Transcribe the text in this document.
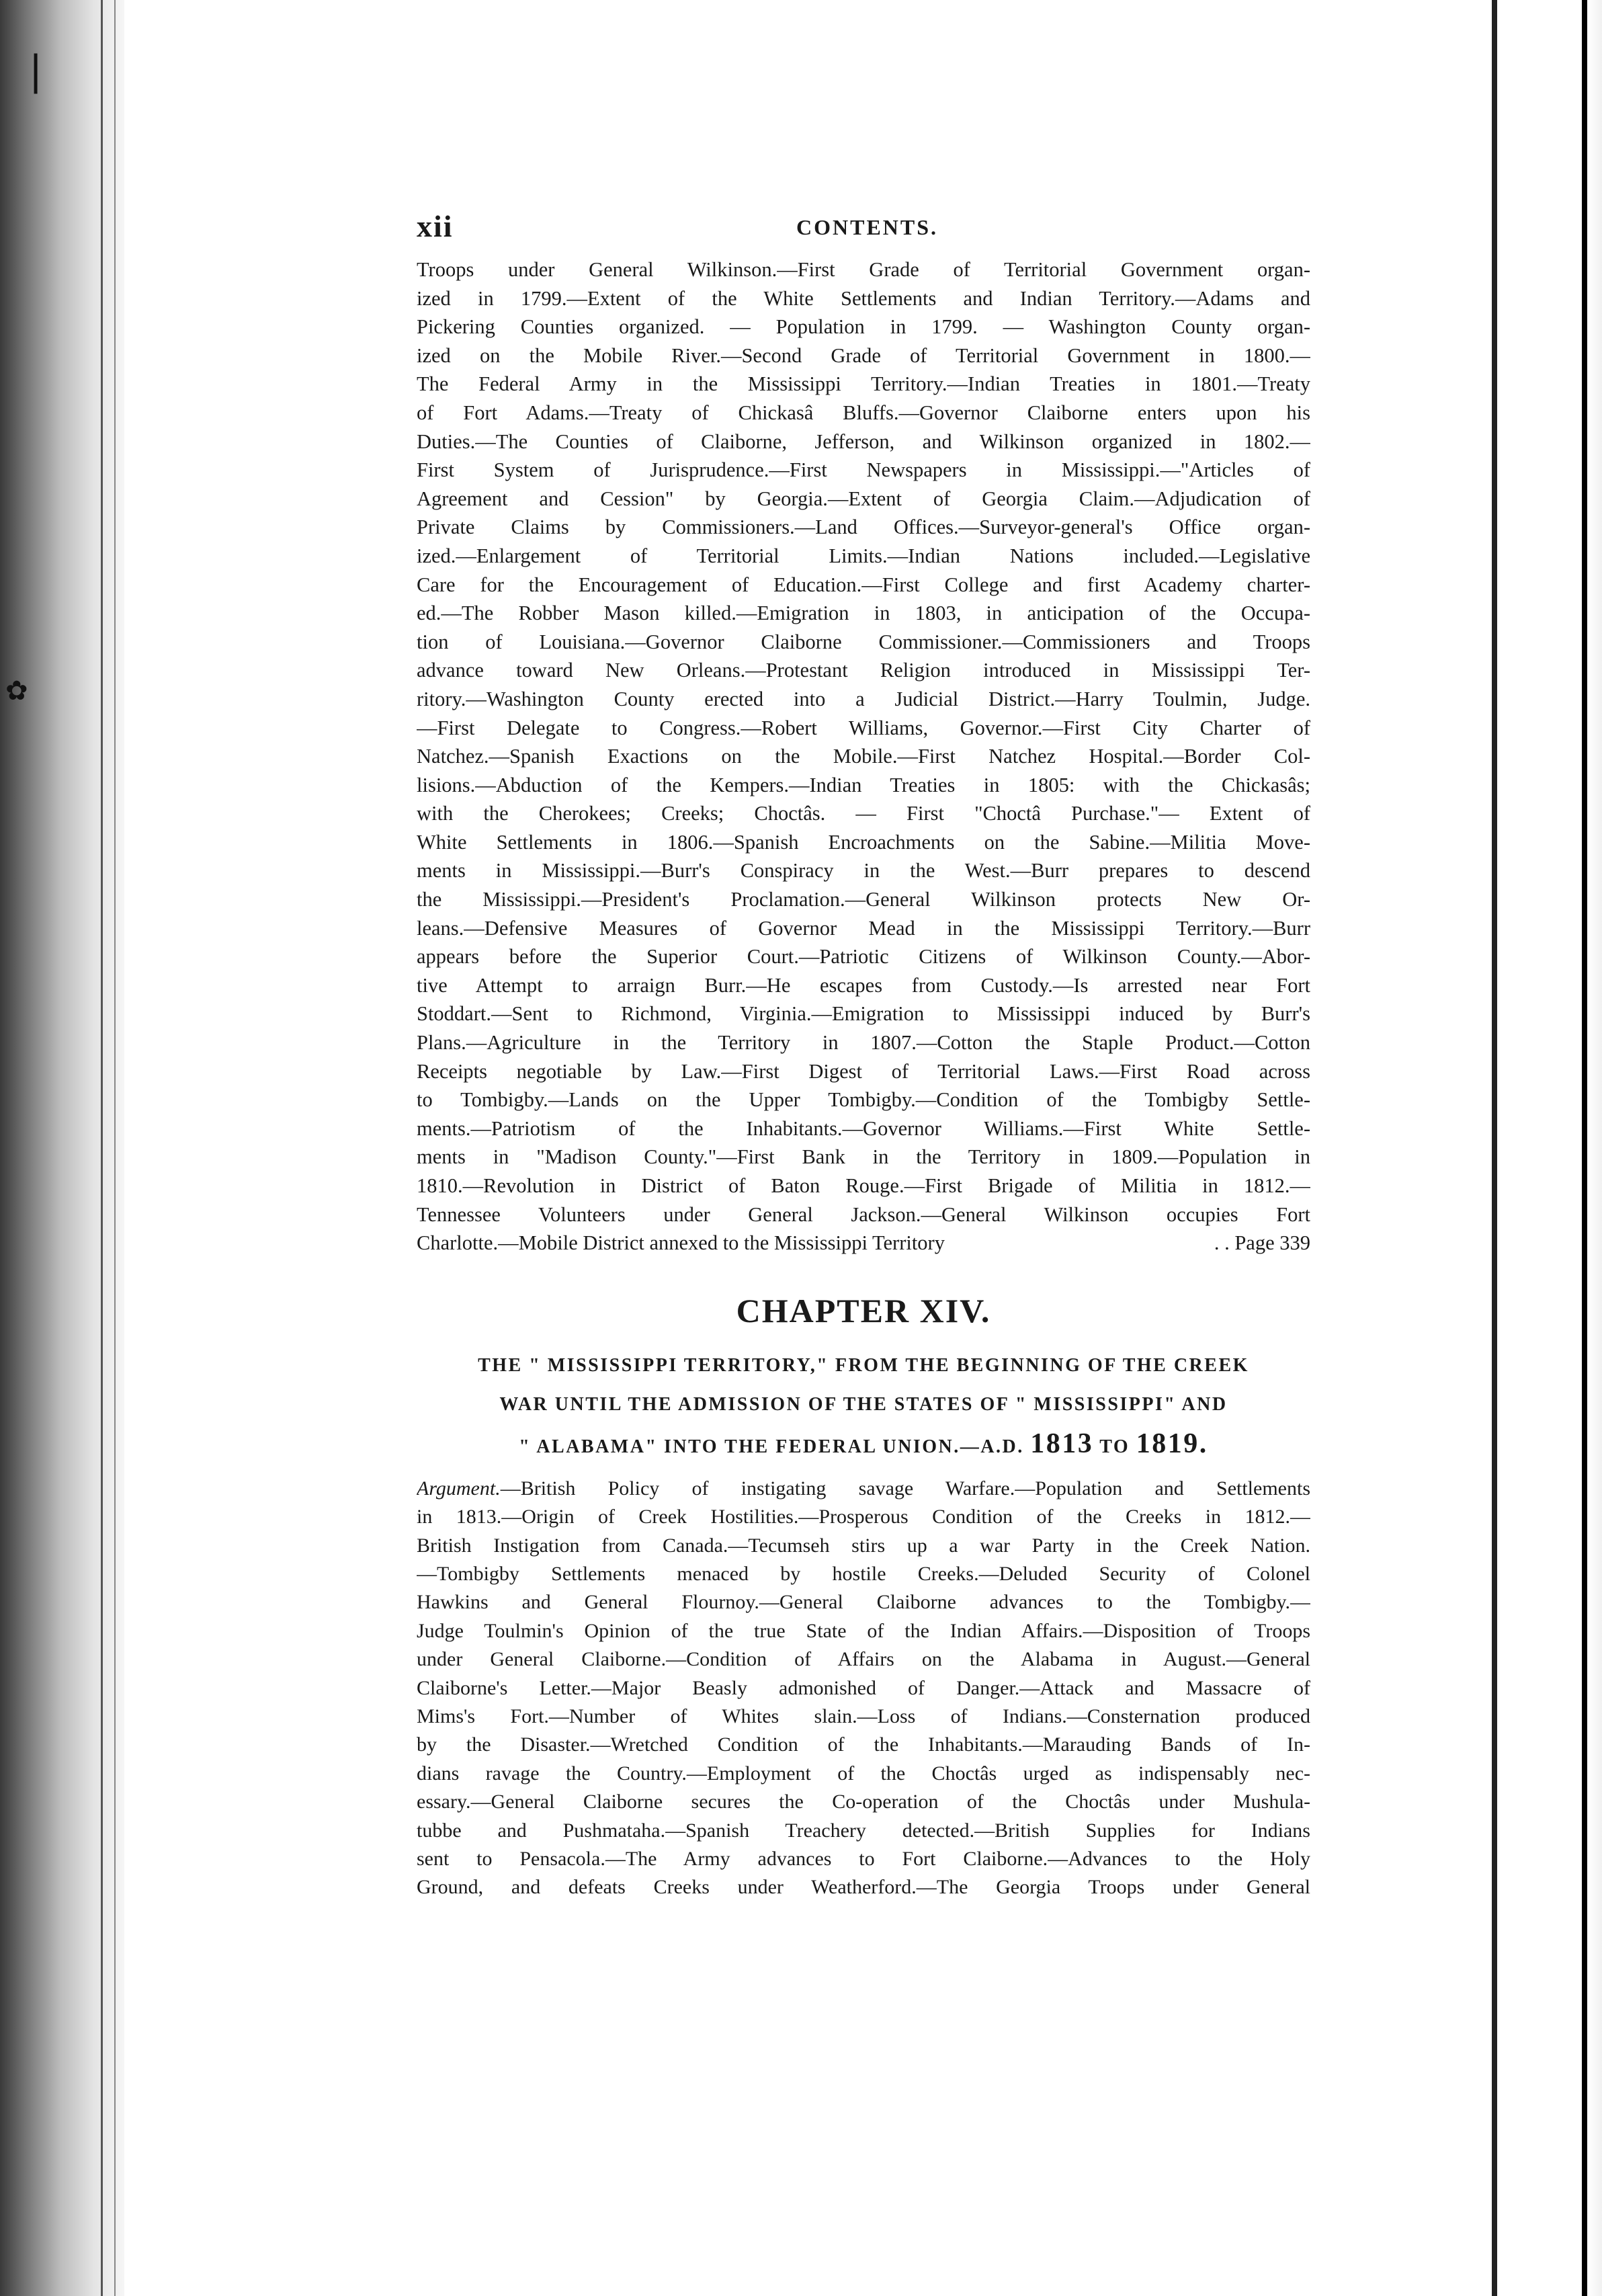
❘
✿
xii	CONTENTS.
Troops under General Wilkinson.—First Grade of Territorial Government organ-
ized in 1799.—Extent of the White Settlements and Indian Territory.—Adams and
Pickering Counties organized. — Population in 1799. — Washington County organ-
ized on the Mobile River.—Second Grade of Territorial Government in 1800.—
The Federal Army in the Mississippi Territory.—Indian Treaties in 1801.—Treaty
of Fort Adams.—Treaty of Chickasâ Bluffs.—Governor Claiborne enters upon his
Duties.—The Counties of Claiborne, Jefferson, and Wilkinson organized in 1802.—
First System of Jurisprudence.—First Newspapers in Mississippi.—"Articles of
Agreement and Cession" by Georgia.—Extent of Georgia Claim.—Adjudication of
Private Claims by Commissioners.—Land Offices.—Surveyor-general's Office organ-
ized.—Enlargement of Territorial Limits.—Indian Nations included.—Legislative
Care for the Encouragement of Education.—First College and first Academy charter-
ed.—The Robber Mason killed.—Emigration in 1803, in anticipation of the Occupa-
tion of Louisiana.—Governor Claiborne Commissioner.—Commissioners and Troops
advance toward New Orleans.—Protestant Religion introduced in Mississippi Ter-
ritory.—Washington County erected into a Judicial District.—Harry Toulmin, Judge.
—First Delegate to Congress.—Robert Williams, Governor.—First City Charter of
Natchez.—Spanish Exactions on the Mobile.—First Natchez Hospital.—Border Col-
lisions.—Abduction of the Kempers.—Indian Treaties in 1805: with the Chickasâs;
with the Cherokees; Creeks; Choctâs. — First "Choctâ Purchase."— Extent of
White Settlements in 1806.—Spanish Encroachments on the Sabine.—Militia Move-
ments in Mississippi.—Burr's Conspiracy in the West.—Burr prepares to descend
the Mississippi.—President's Proclamation.—General Wilkinson protects New Or-
leans.—Defensive Measures of Governor Mead in the Mississippi Territory.—Burr
appears before the Superior Court.—Patriotic Citizens of Wilkinson County.—Abor-
tive Attempt to arraign Burr.—He escapes from Custody.—Is arrested near Fort
Stoddart.—Sent to Richmond, Virginia.—Emigration to Mississippi induced by Burr's
Plans.—Agriculture in the Territory in 1807.—Cotton the Staple Product.—Cotton
Receipts negotiable by Law.—First Digest of Territorial Laws.—First Road across
to Tombigby.—Lands on the Upper Tombigby.—Condition of the Tombigby Settle-
ments.—Patriotism of the Inhabitants.—Governor Williams.—First White Settle-
ments in "Madison County."—First Bank in the Territory in 1809.—Population in
1810.—Revolution in District of Baton Rouge.—First Brigade of Militia in 1812.—
Tennessee Volunteers under General Jackson.—General Wilkinson occupies Fort
Charlotte.—Mobile District annexed to the Mississippi Territory	. . Page 339
CHAPTER XIV.
THE " MISSISSIPPI TERRITORY," FROM THE BEGINNING OF THE CREEK
WAR UNTIL THE ADMISSION OF THE STATES OF " MISSISSIPPI" AND
" ALABAMA" INTO THE FEDERAL UNION.—A.D. 1813 TO 1819.
Argument.—British Policy of instigating savage Warfare.—Population and Settlements
in 1813.—Origin of Creek Hostilities.—Prosperous Condition of the Creeks in 1812.—
British Instigation from Canada.—Tecumseh stirs up a war Party in the Creek Nation.
—Tombigby Settlements menaced by hostile Creeks.—Deluded Security of Colonel
Hawkins and General Flournoy.—General Claiborne advances to the Tombigby.—
Judge Toulmin's Opinion of the true State of the Indian Affairs.—Disposition of Troops
under General Claiborne.—Condition of Affairs on the Alabama in August.—General
Claiborne's Letter.—Major Beasly admonished of Danger.—Attack and Massacre of
Mims's Fort.—Number of Whites slain.—Loss of Indians.—Consternation produced
by the Disaster.—Wretched Condition of the Inhabitants.—Marauding Bands of In-
dians ravage the Country.—Employment of the Choctâs urged as indispensably nec-
essary.—General Claiborne secures the Co-operation of the Choctâs under Mushula-
tubbe and Pushmataha.—Spanish Treachery detected.—British Supplies for Indians
sent to Pensacola.—The Army advances to Fort Claiborne.—Advances to the Holy
Ground, and defeats Creeks under Weatherford.—The Georgia Troops under General
